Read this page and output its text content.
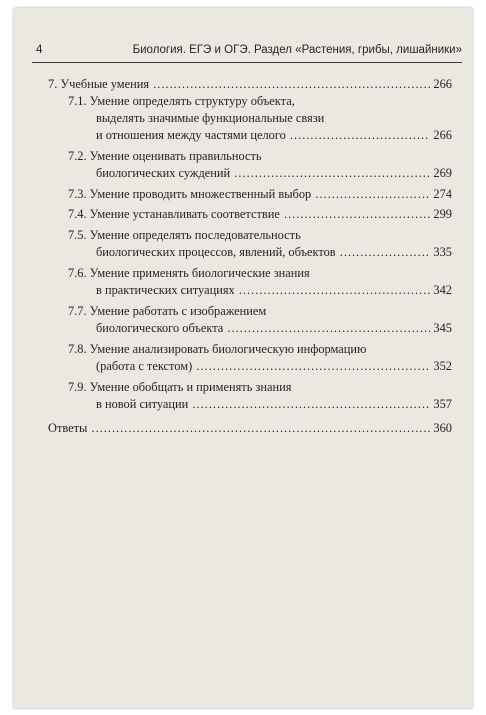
4	Биология. ЕГЭ и ОГЭ. Раздел «Растения, грибы, лишайники»
7. Учебные умения .....	266
7.1. Умение определять структуру объекта,
выделять значимые функциональные связи
и отношения между частями целого .....	266
7.2. Умение оценивать правильность
биологических суждений .....	269
7.3. Умение проводить множественный выбор .....	274
7.4. Умение устанавливать соответствие .....	299
7.5. Умение определять последовательность
биологических процессов, явлений, объектов .....	335
7.6. Умение применять биологические знания
в практических ситуациях .....	342
7.7. Умение работать с изображением
биологического объекта .....	345
7.8. Умение анализировать биологическую информацию
(работа с текстом) .....	352
7.9. Умение обобщать и применять знания
в новой ситуации .....	357
Ответы .....	360
